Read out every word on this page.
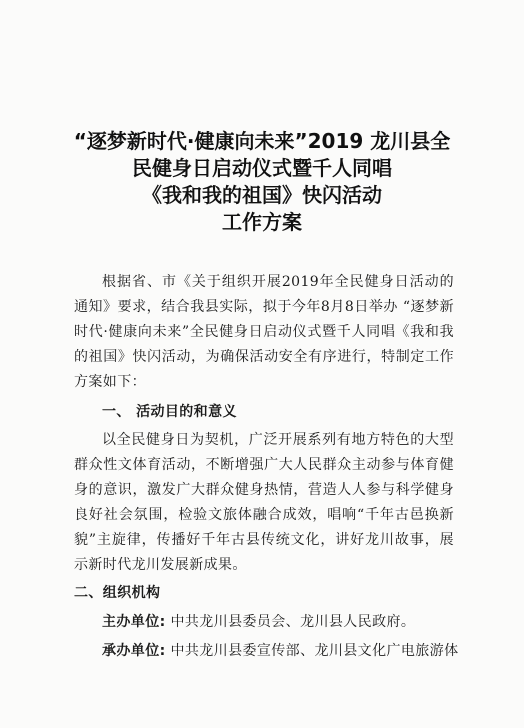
“逐梦新时代·健康向未来”2019 龙川县全
民健身日启动仪式暨千人同唱
《我和我的祖国》快闪活动
工作方案

根据省、市《关于组织开展2019年全民健身日活动的通知》要求，结合我县实际，拟于今年8月8日举办 “逐梦新时代·健康向未来”全民健身日启动仪式暨千人同唱《我和我的祖国》快闪活动，为确保活动安全有序进行，特制定工作方案如下：

一、 活动目的和意义

以全民健身日为契机，广泛开展系列有地方特色的大型群众性文体育活动，不断增强广大人民群众主动参与体育健身的意识，激发广大群众健身热情，营造人人参与科学健身良好社会氛围，检验文旅体融合成效，唱响“千年古邑换新貌”主旋律，传播好千年古县传统文化，讲好龙川故事，展示新时代龙川发展新成果。

二、组织机构
主办单位: 中共龙川县委员会、龙川县人民政府。
承办单位: 中共龙川县委宣传部、龙川县文化广电旅游体
